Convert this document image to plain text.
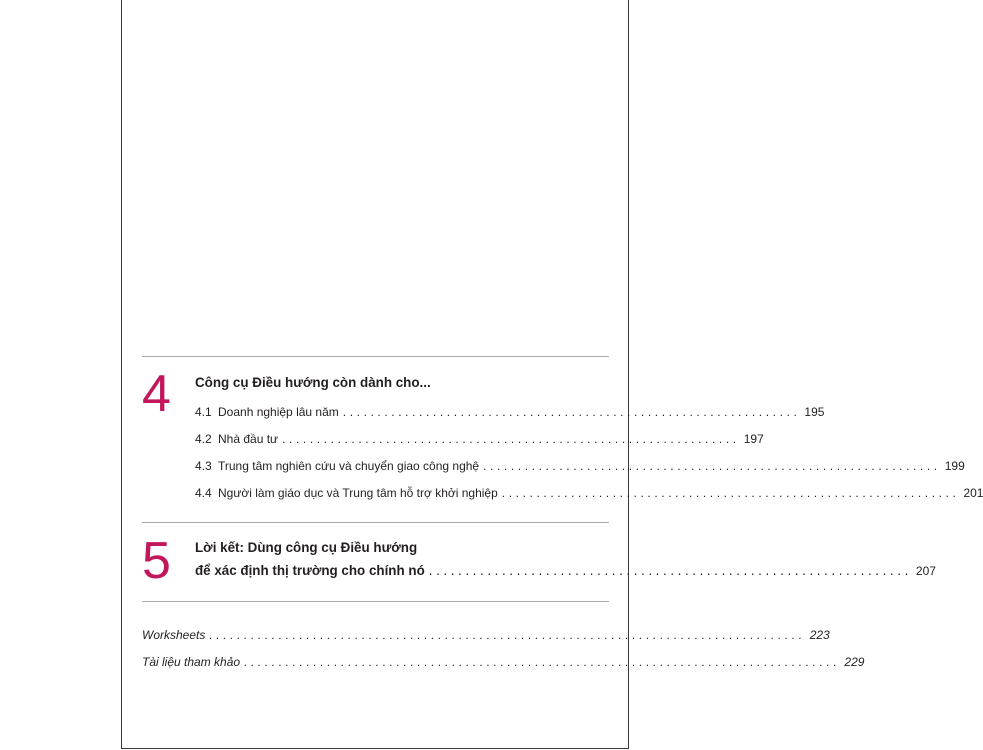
4 Công cụ Điều hướng còn dành cho...
4.1 Doanh nghiệp lâu năm .................................................................. 195
4.2 Nhà đầu tư .................................................................. 197
4.3 Trung tâm nghiên cứu và chuyển giao công nghệ .................................................................. 199
4.4 Người làm giáo dục và Trung tâm hỗ trợ khởi nghiệp .................................................................. 201
5 Lời kết: Dùng công cụ Điều hướng
để xác định thị trường cho chính nó .................................................................. 207
Worksheets ...................................................................................... 223
Tài liệu tham khảo ...................................................................................... 229
